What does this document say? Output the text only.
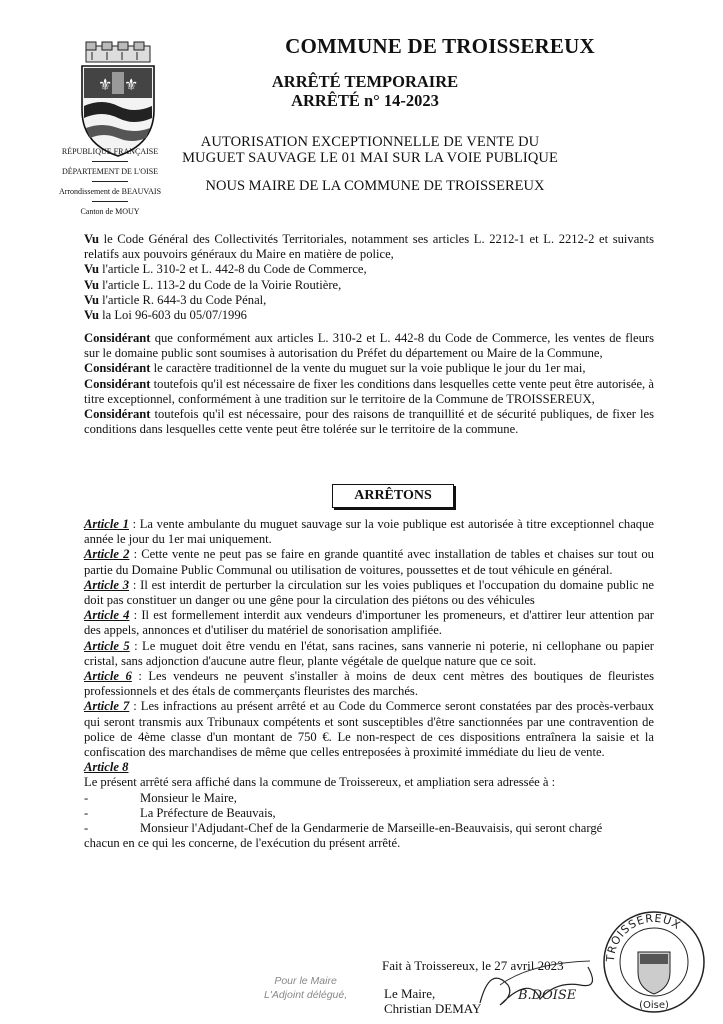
⚜ ⚜
RÉPUBLIQUE FRANÇAISE
DÉPARTEMENT DE L'OISE
Arrondissement de BEAUVAIS
Canton de MOUY
COMMUNE DE TROISSEREUX
ARRÊTÉ TEMPORAIRE
ARRÊTÉ n° 14-2023
AUTORISATION EXCEPTIONNELLE DE VENTE DU
MUGUET SAUVAGE LE 01 MAI SUR LA VOIE PUBLIQUE
NOUS MAIRE DE LA COMMUNE DE TROISSEREUX

Vu le Code Général des Collectivités Territoriales, notamment ses articles L. 2212-1 et L. 2212-2 et suivants relatifs aux pouvoirs généraux du Maire en matière de police,

Vu l'article L. 310-2 et L. 442-8 du Code de Commerce,

Vu l'article L. 113-2 du Code de la Voirie Routière,

Vu l'article R. 644-3 du Code Pénal,

Vu la Loi 96-603 du 05/07/1996

Considérant que conformément aux articles L. 310-2 et L. 442-8 du Code de Commerce, les ventes de fleurs sur le domaine public sont soumises à autorisation du Préfet du département ou Maire de la Commune,

Considérant le caractère traditionnel de la vente du muguet sur la voie publique le jour du 1er mai,

Considérant toutefois qu'il est nécessaire de fixer les conditions dans lesquelles cette vente peut être autorisée, à titre exceptionnel, conformément à une tradition sur le territoire de la Commune de TROISSEREUX,

Considérant toutefois qu'il est nécessaire, pour des raisons de tranquillité et de sécurité publiques, de fixer les conditions dans lesquelles cette vente peut être tolérée sur le territoire de la commune.

ARRÊTONS

Article 1 : La vente ambulante du muguet sauvage sur la voie publique est autorisée à titre exceptionnel chaque année le jour du 1er mai uniquement.

Article 2 : Cette vente ne peut pas se faire en grande quantité avec installation de tables et chaises sur tout ou partie du Domaine Public Communal ou utilisation de voitures, poussettes et de tout véhicule en général.

Article 3 : Il est interdit de perturber la circulation sur les voies publiques et l'occupation du domaine public ne doit pas constituer un danger ou une gêne pour la circulation des piétons ou des véhicules

Article 4 : Il est formellement interdit aux vendeurs d'importuner les promeneurs, et d'attirer leur attention par des appels, annonces et d'utiliser du matériel de sonorisation amplifiée.

Article 5 : Le muguet doit être vendu en l'état, sans racines, sans vannerie ni poterie, ni cellophane ou papier cristal, sans adjonction d'aucune autre fleur, plante végétale de quelque nature que ce soit.

Article 6 : Les vendeurs ne peuvent s'installer à moins de deux cent mètres des boutiques de fleuristes professionnels et des étals de commerçants fleuristes des marchés.

Article 7 : Les infractions au présent arrêté et au Code du Commerce seront constatées par des procès-verbaux qui seront transmis aux Tribunaux compétents et sont susceptibles d'être sanctionnées par une contravention de police de 4ème classe d'un montant de 750 €. Le non-respect de ces dispositions entraînera la saisie et la confiscation des marchandises de même que celles entreposées à proximité immédiate du lieu de vente.

Article 8

Le présent arrêté sera affiché dans la commune de Troissereux, et ampliation sera adressée à :

-	Monsieur le Maire,
-	La Préfecture de Beauvais,
-	Monsieur l'Adjudant-Chef de la Gendarmerie de Marseille-en-Beauvaisis, qui seront chargé

chacun en ce qui les concerne, de l'exécution du présent arrêté.

Fait à Troissereux, le 27 avril 2023
Le Maire,
Christian DEMAY
Pour le Maire
L'Adjoint délégué,	B.DOISE
TROISSEREUX
(Oise)
